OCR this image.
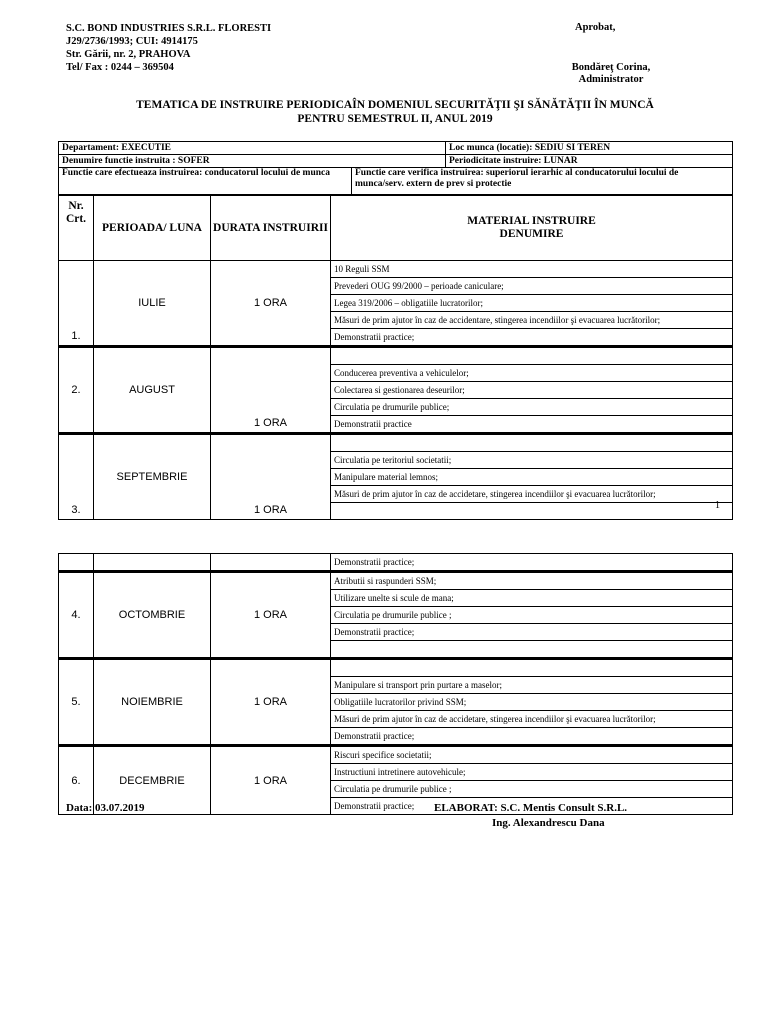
S.C. BOND INDUSTRIES S.R.L. FLORESTI
J29/2736/1993; CUI: 4914175
Str. Gării, nr. 2, PRAHOVA
Tel/ Fax : 0244 – 369504
Aprobat,
Bondăreţ Corina,
Administrator
TEMATICA DE INSTRUIRE PERIODICAÎN DOMENIUL SECURITĂŢII ŞI SĂNĂTĂŢII ÎN MUNCĂ
PENTRU SEMESTRUL II, ANUL 2019
Departament: EXECUTIE	Loc munca (locatie): SEDIU SI TEREN
Denumire functie instruita : SOFER	Periodicitate instruire: LUNAR
Functie care efectueaza instruirea: conducatorul locului de munca	Functie care verifica instruirea: superiorul ierarhic al conducatorului locului de munca/serv. extern de prev si protectie
Nr. Crt.	PERIOADA/ LUNA	DURATA INSTRUIRII	MATERIAL INSTRUIRE
DENUMIRE

1.	IULIE	1 ORA	10 Reguli SSM
			Prevederi OUG 99/2000 – perioade caniculare;
			Legea 319/2006 – obligatiile lucratorilor;
			Măsuri de prim ajutor în caz de accidentare, stingerea incendiilor şi evacuarea lucrătorilor;
			Demonstratii practice;
2.	AUGUST	1 ORA	
			Conducerea preventiva a vehiculelor;
			Colectarea si gestionarea deseurilor;
			Circulatia pe drumurile publice;
			Demonstratii practice
3.	SEPTEMBRIE	1 ORA	
			Circulatia pe teritoriul societatii;
			Manipulare material lemnos;
			Măsuri de prim ajutor în caz de accidetare, stingerea incendiilor şi evacuarea lucrătorilor;

1
			Demonstratii practice;
4.	OCTOMBRIE	1 ORA	Atributii si raspunderi SSM;
			Utilizare unelte si scule de mana;
			Circulatia pe drumurile publice ;
			Demonstratii practice;

5.	NOIEMBRIE	1 ORA	
			Manipulare si transport prin purtare a maselor;
			Obligatiile lucratorilor privind SSM;
			Măsuri de prim ajutor în caz de accidetare, stingerea incendiilor şi evacuarea lucrătorilor;
			Demonstratii practice;
6.	DECEMBRIE	1 ORA	Riscuri specifice societatii;
			Instructiuni intretinere autovehicule;
			Circulatia pe drumurile publice ;
			Demonstratii practice;
Data: 03.07.2019	ELABORAT: S.C. Mentis Consult S.R.L.
Ing. Alexandrescu Dana
